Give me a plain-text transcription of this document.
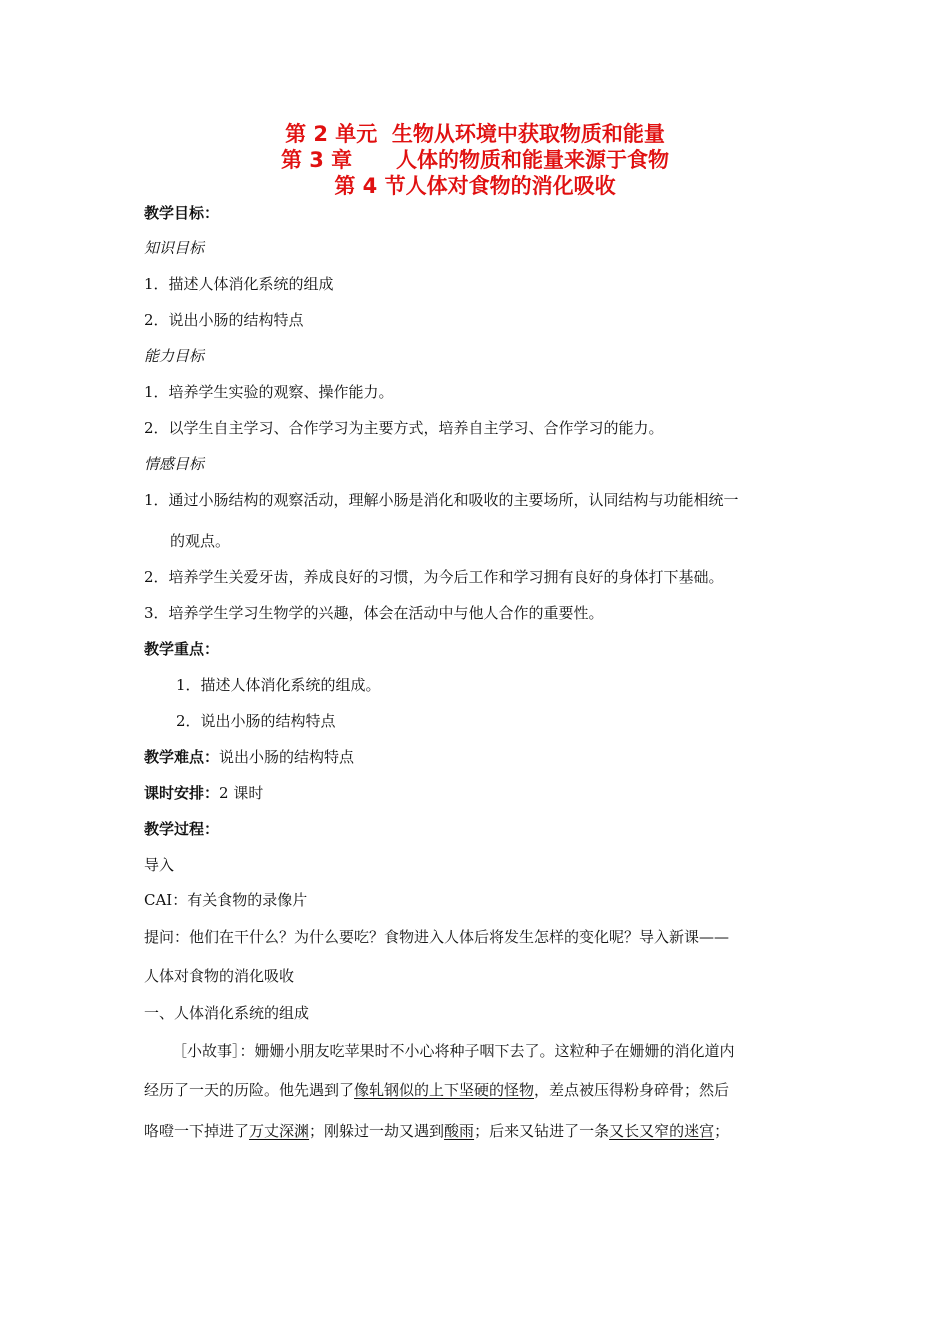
第 2 单元  生物从环境中获取物质和能量
第 3 章      人体的物质和能量来源于食物
第 4 节人体对食物的消化吸收
教学目标：
知识目标
1．描述人体消化系统的组成
2．说出小肠的结构特点
能力目标
1．培养学生实验的观察、操作能力。
2．以学生自主学习、合作学习为主要方式，培养自主学习、合作学习的能力。
情感目标
1．通过小肠结构的观察活动，理解小肠是消化和吸收的主要场所，认同结构与功能相统一
的观点。
2．培养学生关爱牙齿，养成良好的习惯，为今后工作和学习拥有良好的身体打下基础。
3．培养学生学习生物学的兴趣，体会在活动中与他人合作的重要性。
教学重点：
1．描述人体消化系统的组成。
2．说出小肠的结构特点
教学难点：说出小肠的结构特点
课时安排：2 课时
教学过程：
导入
CAI：有关食物的录像片
提问：他们在干什么？为什么要吃？食物进入人体后将发生怎样的变化呢？导入新课——
人体对食物的消化吸收
一、人体消化系统的组成
［小故事］：姗姗小朋友吃苹果时不小心将种子咽下去了。这粒种子在姗姗的消化道内
经历了一天的历险。他先遇到了像轧钢似的上下坚硬的怪物，差点被压得粉身碎骨；然后
咯噔一下掉进了万丈深渊；刚躲过一劫又遇到酸雨；后来又钻进了一条又长又窄的迷宫；
